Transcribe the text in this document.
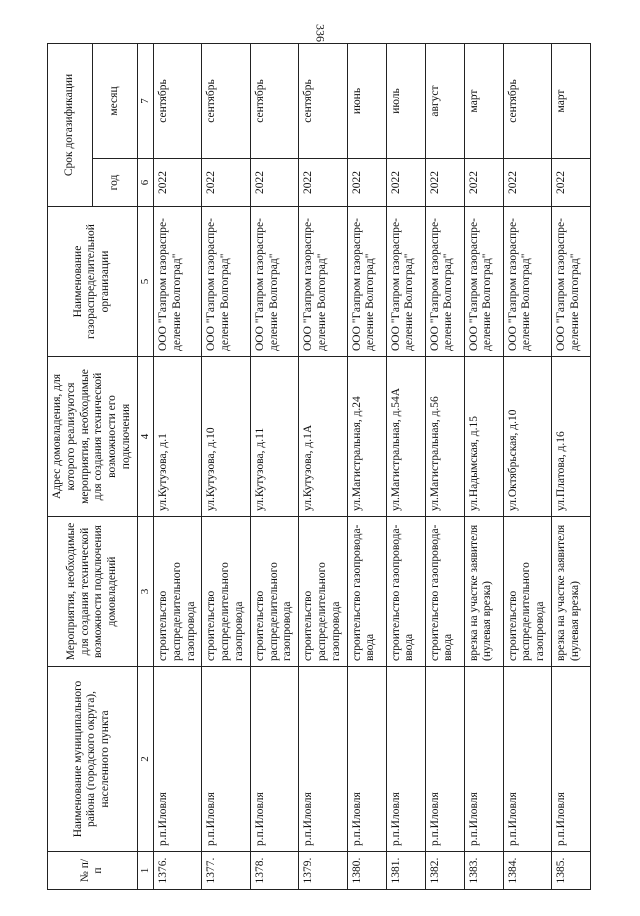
336
№ п/п	Наименование муниципального района (городского округа), населенного пункта	Мероприятия, необходимые для создания технической возможности подключения домовладений	Адрес домовладения, для которого реализуются мероприятия, необходимые для создания технической возможности его подключения	Наименование газораспределительной организации	Срок догазификации	
					год	месяц
1	2	3	4	5	6	7
1376.	р.п.Иловля	строительство распределительного газопровода	ул.Кутузова, д.1	ООО "Газпром газораспределение Волгоград"	2022	сентябрь
1377.	р.п.Иловля	строительство распределительного газопровода	ул.Кутузова, д.10	ООО "Газпром газораспределение Волгоград"	2022	сентябрь
1378.	р.п.Иловля	строительство распределительного газопровода	ул.Кутузова, д.11	ООО "Газпром газораспределение Волгоград"	2022	сентябрь
1379.	р.п.Иловля	строительство распределительного газопровода	ул.Кутузова, д.1А	ООО "Газпром газораспределение Волгоград"	2022	сентябрь
1380.	р.п.Иловля	строительство газопровода-ввода	ул.Магистральная, д.24	ООО "Газпром газораспределение Волгоград"	2022	июнь
1381.	р.п.Иловля	строительство газопровода-ввода	ул.Магистральная, д.54А	ООО "Газпром газораспределение Волгоград"	2022	июль
1382.	р.п.Иловля	строительство газопровода-ввода	ул.Магистральная, д.56	ООО "Газпром газораспределение Волгоград"	2022	август
1383.	р.п.Иловля	врезка на участке заявителя (нулевая врезка)	ул.Надымская, д.15	ООО "Газпром газораспределение Волгоград"	2022	март
1384.	р.п.Иловля	строительство распределительного газопровода	ул.Октябрьская, д.10	ООО "Газпром газораспределение Волгоград"	2022	сентябрь
1385.	р.п.Иловля	врезка на участке заявителя (нулевая врезка)	ул.Платова, д.16	ООО "Газпром газораспределение Волгоград"	2022	март
